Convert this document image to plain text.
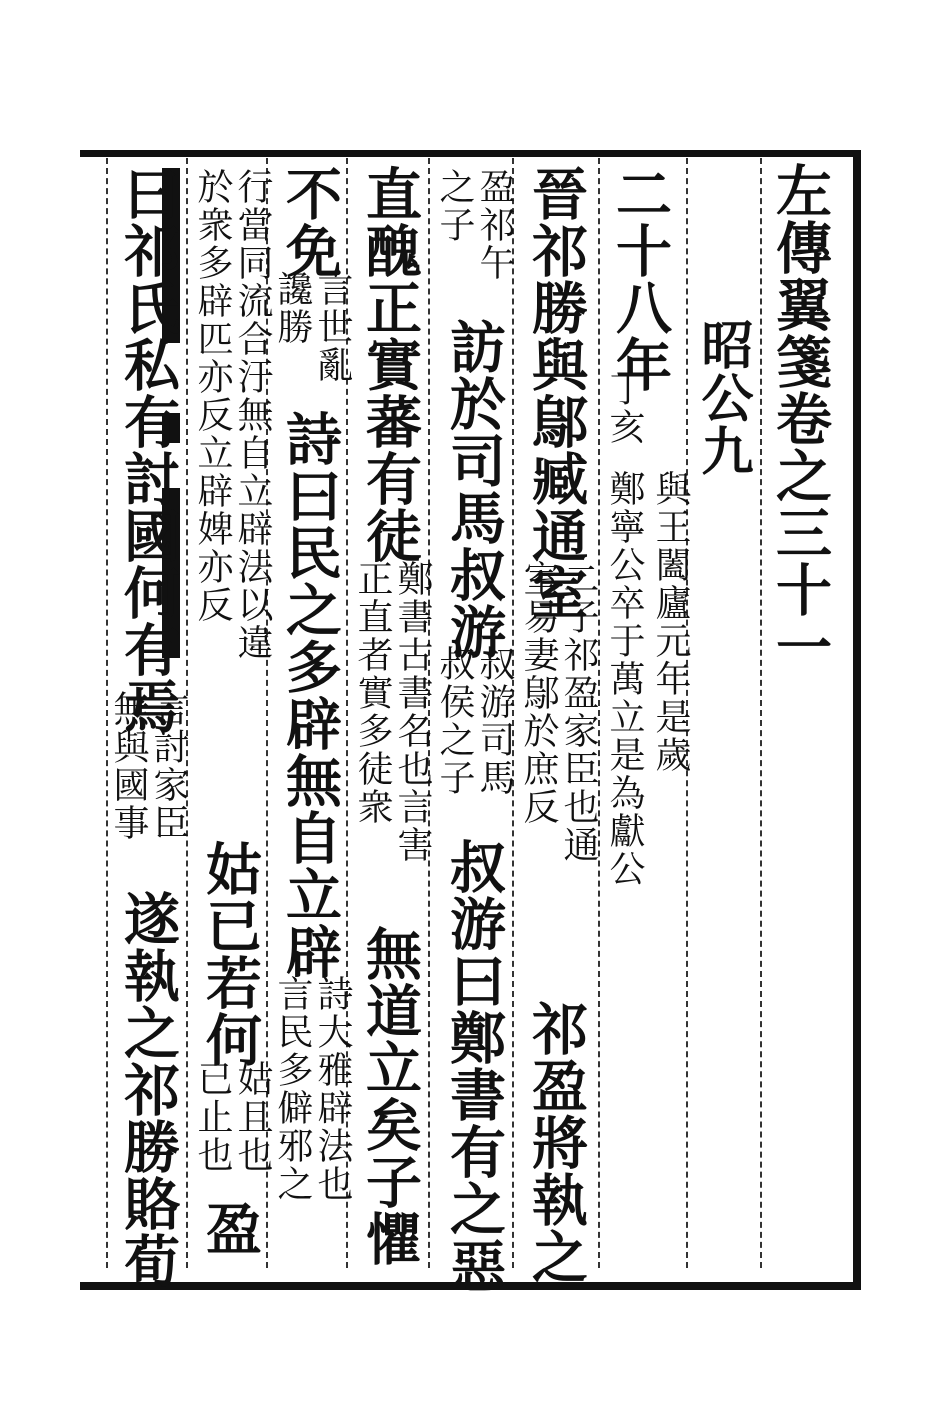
左傳翼箋卷之三十一
昭公九
二十八年
丁亥
與王闔廬元年是歲
鄭寧公卒于萬立是為獻公
晉祁勝與鄔臧通室
二子祁盈家臣也通
室易妻鄔於庶反
祁盈將執之
盈祁午
之子
訪於司馬叔游
叔游司馬
叔侯之子
叔游曰鄭書有之惡
直醜正實蕃有徒
鄭書古書名也言害
正直者實多徒衆
無道立矣子懼
不免
言世亂
讒勝
詩曰民之多辟無自立辟
詩大雅辟法也
言民多僻邪之
行當同流合汙無自立辟法以違
於衆多辟匹亦反立辟婢亦反
姑已若何
姑且也
已止也
盈
曰祁氏私有討國何有焉
言討家臣
無與國事
遂執之祁勝賂荀
